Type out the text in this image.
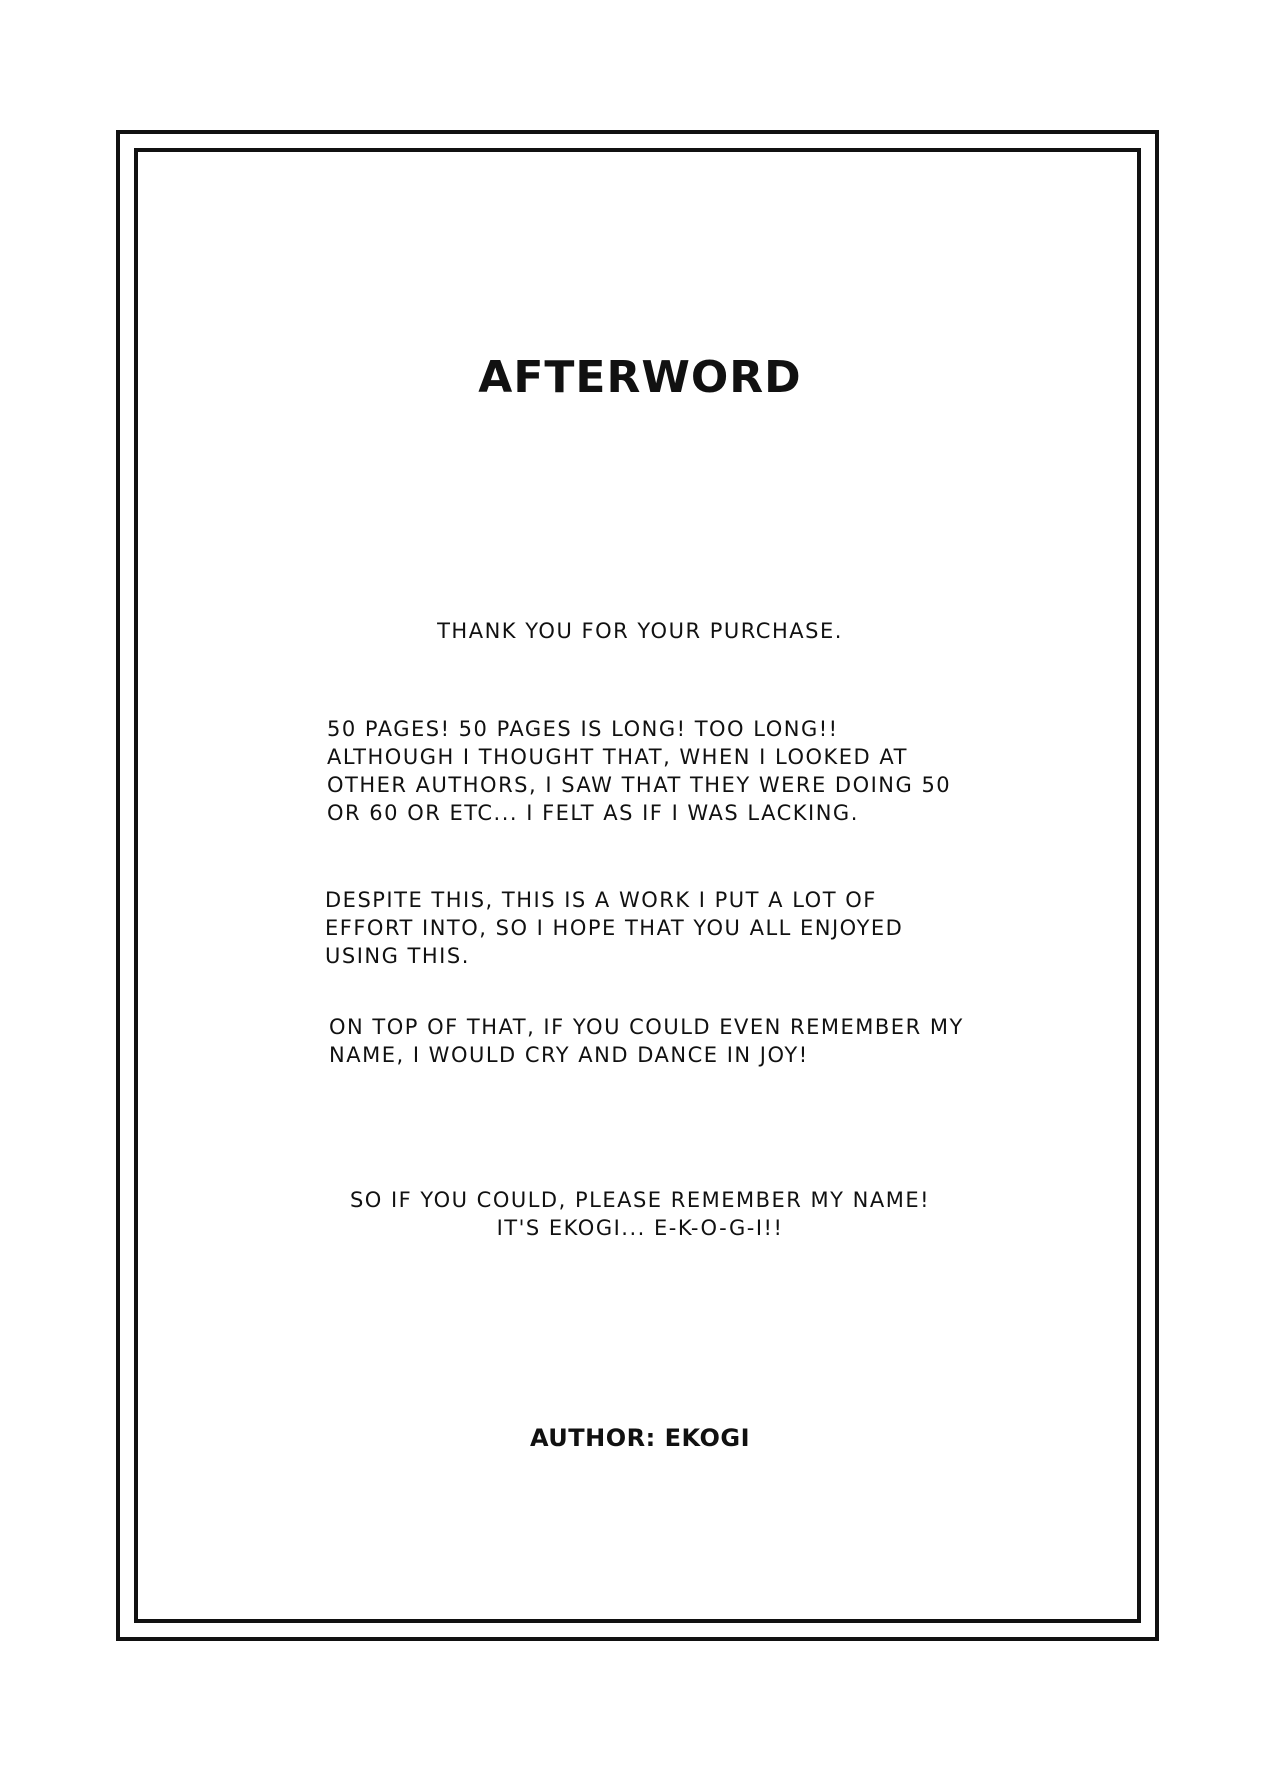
AFTERWORD

THANK YOU FOR YOUR PURCHASE.

50 PAGES! 50 PAGES IS LONG! TOO LONG!!

ALTHOUGH I THOUGHT THAT, WHEN I LOOKED AT

OTHER AUTHORS, I SAW THAT THEY WERE DOING 50

OR 60 OR ETC... I FELT AS IF I WAS LACKING.

DESPITE THIS, THIS IS A WORK I PUT A LOT OF

EFFORT INTO, SO I HOPE THAT YOU ALL ENJOYED

USING THIS.

ON TOP OF THAT, IF YOU COULD EVEN REMEMBER MY

NAME, I WOULD CRY AND DANCE IN JOY!

SO IF YOU COULD, PLEASE REMEMBER MY NAME!

IT'S EKOGI... E-K-O-G-I!!

AUTHOR: EKOGI
